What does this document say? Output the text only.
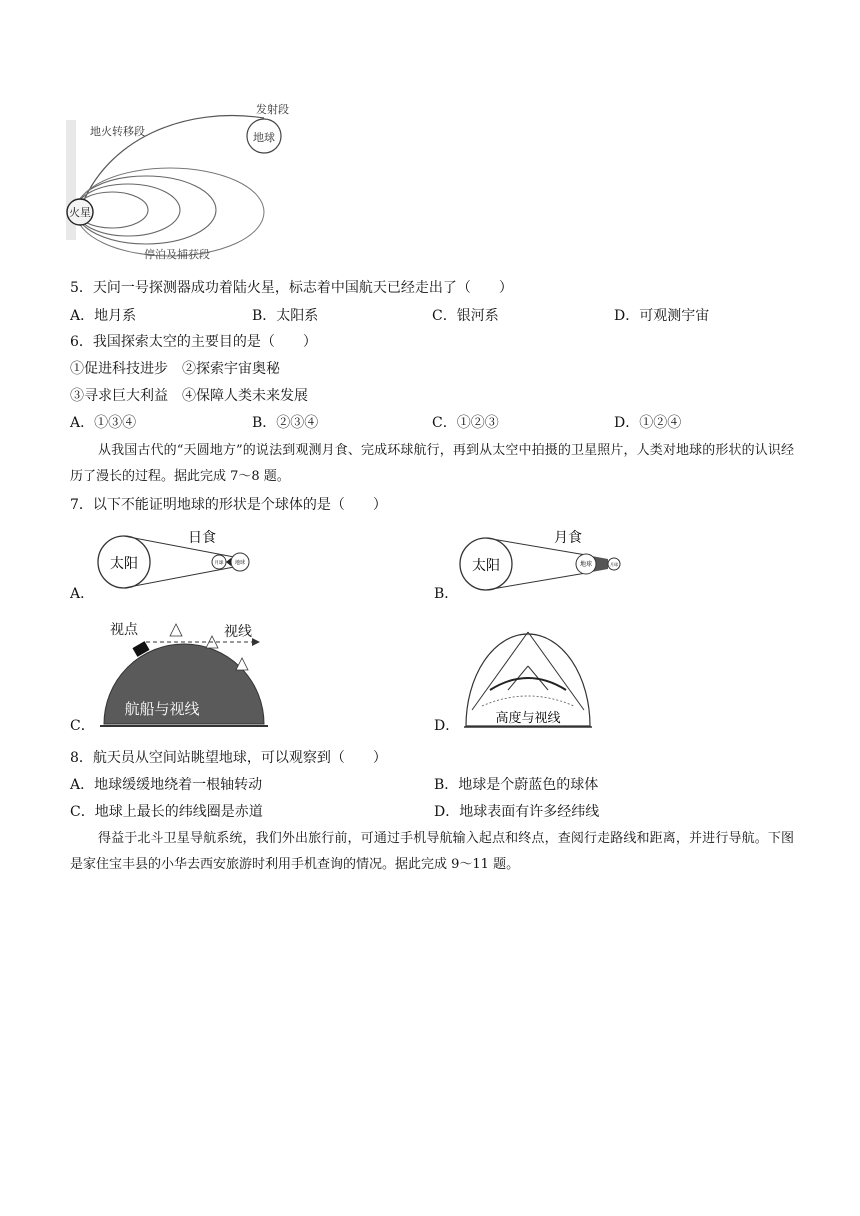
地球
火星
发射段
地火转移段
停泊及捕获段
5．天问一号探测器成功着陆火星，标志着中国航天已经走出了（　　）
A．地月系	B．太阳系	C．银河系	D．可观测宇宙
6．我国探索太空的主要目的是（　　）
①促进科技进步　②探索宇宙奥秘
③寻求巨大利益　④保障人类未来发展
A．①③④	B．②③④	C．①②③	D．①②④
从我国古代的“天圆地方”的说法到观测月食、完成环球航行，再到从太空中拍摄的卫星照片，人类对地球的形状的认识经历了漫长的过程。据此完成 7～8 题。
7．以下不能证明地球的形状是个球体的是（　　）
太阳
日食
月球 地球
A．
太阳
月食
地球	月球
B．
视点	视线
航船与视线
C．	高度与视线
D．
8．航天员从空间站眺望地球，可以观察到（　　）
A．地球缓缓地绕着一根轴转动	B．地球是个蔚蓝色的球体
C．地球上最长的纬线圈是赤道	D．地球表面有许多经纬线
得益于北斗卫星导航系统，我们外出旅行前，可通过手机导航输入起点和终点，查阅行走路线和距离，并进行导航。下图是家住宝丰县的小华去西安旅游时利用手机查询的情况。据此完成 9～11 题。
